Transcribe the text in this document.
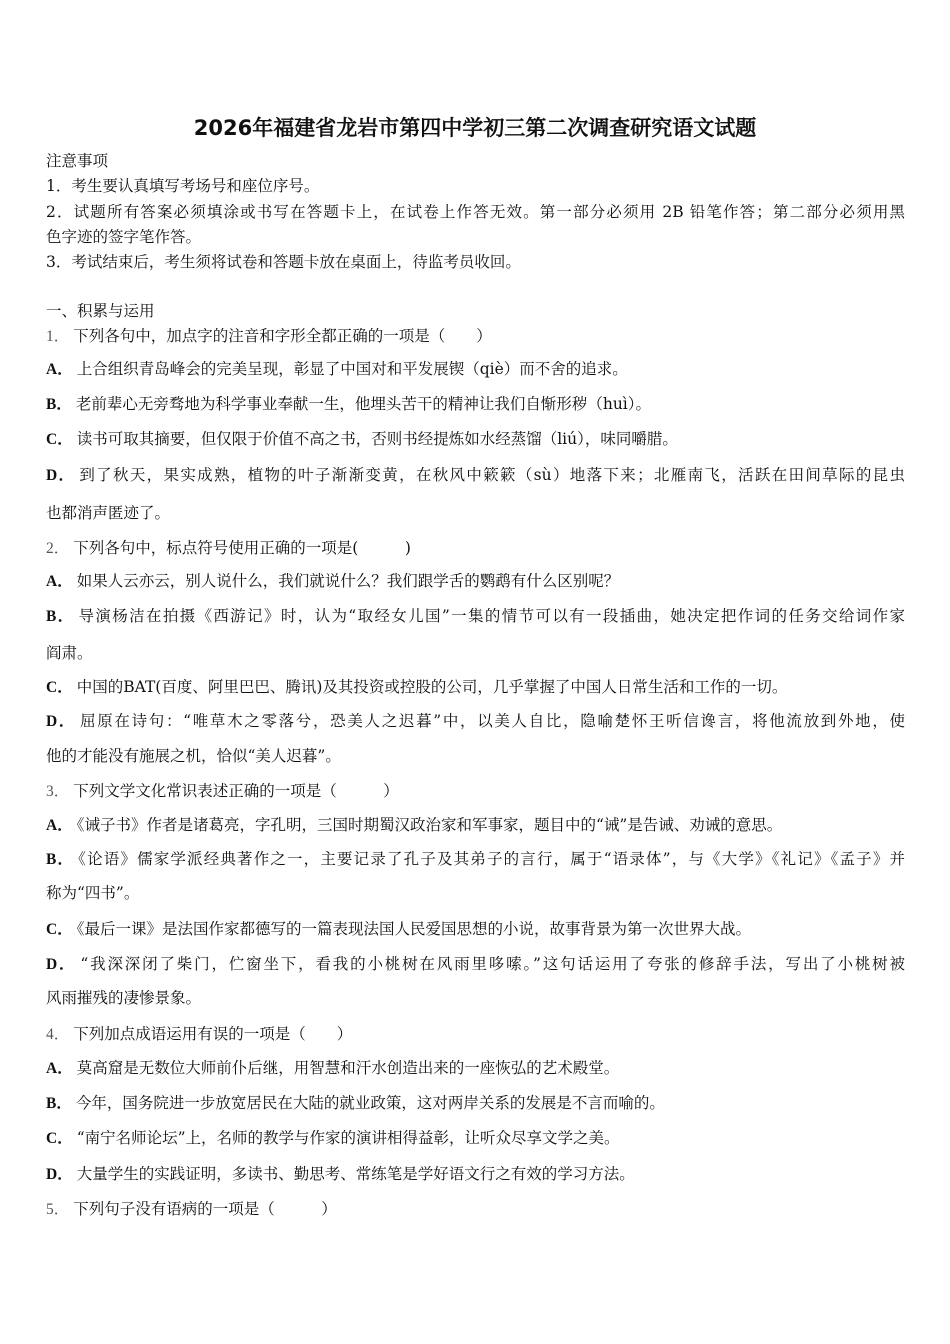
2026年福建省龙岩市第四中学初三第二次调查研究语文试题
注意事项
1．考生要认真填写考场号和座位序号。
2．试题所有答案必须填涂或书写在答题卡上，在试卷上作答无效。第一部分必须用 2B 铅笔作答；第二部分必须用黑
色字迹的签字笔作答。
3．考试结束后，考生须将试卷和答题卡放在桌面上，待监考员收回。
一、积累与运用
1． 下列各句中，加点字的注音和字形全都正确的一项是（　　）
A． 上合组织青岛峰会的完美呈现，彰显了中国对和平发展锲（qiè）而不舍的追求。
B． 老前辈心无旁骛地为科学事业奉献一生，他埋头苦干的精神让我们自惭形秽（huì）。
C． 读书可取其摘要，但仅限于价值不高之书，否则书经提炼如水经蒸馏（liú），味同嚼腊。
D． 到了秋天，果实成熟，植物的叶子渐渐变黄，在秋风中簌簌（sù）地落下来；北雁南飞，活跃在田间草际的昆虫
也都消声匿迹了。
2． 下列各句中，标点符号使用正确的一项是(　　　)
A． 如果人云亦云，别人说什么，我们就说什么？我们跟学舌的鹦鹉有什么区别呢？
B． 导演杨洁在拍摄《西游记》时，认为“取经女儿国”一集的情节可以有一段插曲，她决定把作词的任务交给词作家
阎肃。
C． 中国的BAT(百度、阿里巴巴、腾讯)及其投资或控股的公司，几乎掌握了中国人日常生活和工作的一切。
D． 屈原在诗句：“唯草木之零落兮，恐美人之迟暮”中，以美人自比，隐喻楚怀王听信谗言，将他流放到外地，使
他的才能没有施展之机，恰似“美人迟暮”。
3． 下列文学文化常识表述正确的一项是（　　　）
A． 《诫子书》作者是诸葛亮，字孔明，三国时期蜀汉政治家和军事家，题目中的“诫”是告诫、劝诫的意思。
B． 《论语》儒家学派经典著作之一，主要记录了孔子及其弟子的言行，属于“语录体”，与《大学》《礼记》《孟子》并
称为“四书”。
C． 《最后一课》是法国作家都德写的一篇表现法国人民爱国思想的小说，故事背景为第一次世界大战。
D． “我深深闭了柴门，伫窗坐下，看我的小桃树在风雨里哆嗦。”这句话运用了夸张的修辞手法，写出了小桃树被
风雨摧残的凄惨景象。
4． 下列加点成语运用有误的一项是（　　）
A． 莫高窟是无数位大师前仆后继，用智慧和汗水创造出来的一座恢弘的艺术殿堂。
B． 今年，国务院进一步放宽居民在大陆的就业政策，这对两岸关系的发展是不言而喻的。
C． “南宁名师论坛”上，名师的教学与作家的演讲相得益彰，让听众尽享文学之美。
D． 大量学生的实践证明，多读书、勤思考、常练笔是学好语文行之有效的学习方法。
5． 下列句子没有语病的一项是（　　　）
